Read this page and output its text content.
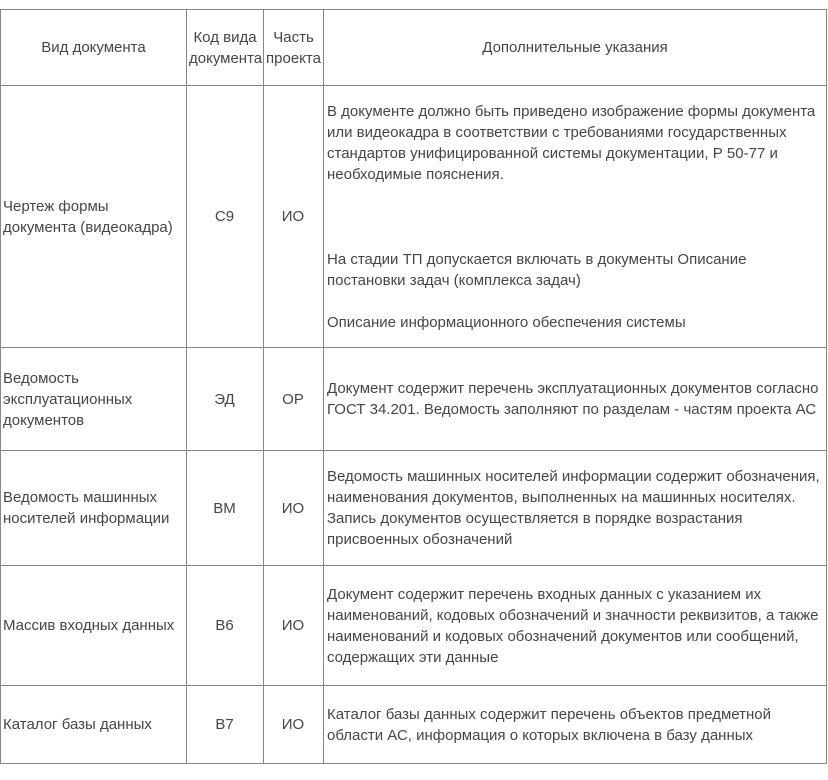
Вид документа	Код вида документа	Часть проекта	Дополнительные указания
Чертеж формы документа (видеокадра)	С9	ИО	В документе должно быть приведено изображение формы документа или видеокадра в соответствии с требованиями государственных стандартов унифицированной системы документации, Р 50-77 и необходимые пояснения.

На стадии ТП допускается включать в документы Описание постановки задач (комплекса задач)

Описание информационного обеспечения системы

Ведомость эксплуатационных документов	ЭД	ОР	Документ содержит перечень эксплуатационных документов согласно ГОСТ 34.201. Ведомость заполняют по разделам - частям проекта АС

Ведомость машинных носителей информации	ВМ	ИО	Ведомость машинных носителей информации содержит обозначения, наименования документов, выполненных на машинных носителях. Запись документов осуществляется в порядке возрастания присвоенных обозначений

Массив входных данных	В6	ИО	Документ содержит перечень входных данных с указанием их наименований, кодовых обозначений и значности реквизитов, а также наименований и кодовых обозначений документов или сообщений, содержащих эти данные

Каталог базы данных	В7	ИО	Каталог базы данных содержит перечень объектов предметной области АС, информация о которых включена в базу данных
